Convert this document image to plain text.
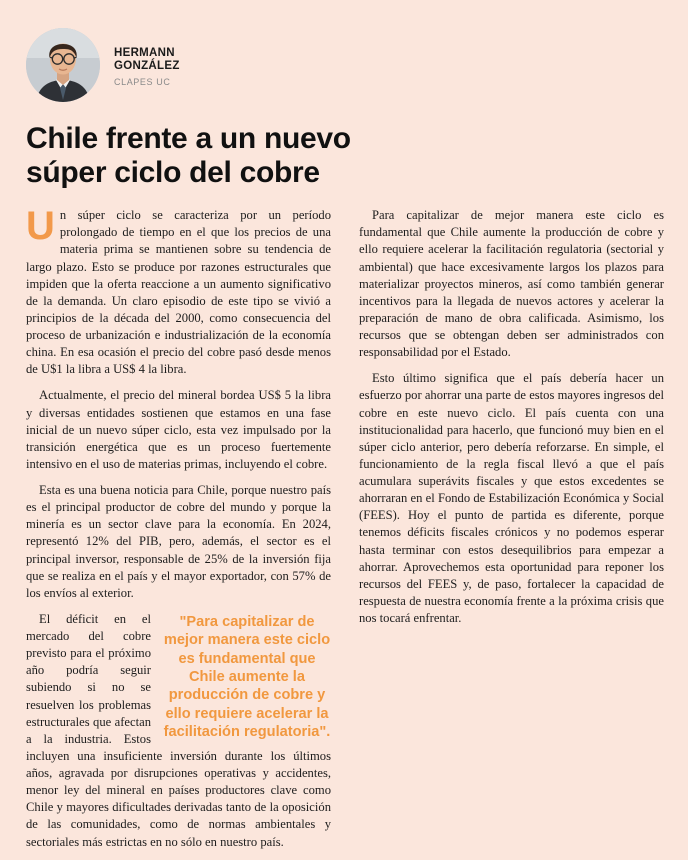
HERMANN
GONZÁLEZ
CLAPES UC
Chile frente a un nuevo
súper ciclo del cobre

Un súper ciclo se caracteriza por un período prolongado de tiempo en el que los precios de una materia prima se mantienen sobre su tendencia de largo plazo. Esto se produce por razones estructurales que impiden que la oferta reaccione a un aumento significativo de la demanda. Un claro episodio de este tipo se vivió a principios de la década del 2000, como consecuencia del proceso de urbanización e industrialización de la economía china. En esa ocasión el precio del cobre pasó desde menos de U$1 la libra a US$ 4 la libra.

Actualmente, el precio del mineral bordea US$ 5 la libra y diversas entidades sostienen que estamos en una fase inicial de un nuevo súper ciclo, esta vez impulsado por la transición energética que es un proceso fuertemente intensivo en el uso de materias primas, incluyendo el cobre.

Esta es una buena noticia para Chile, porque nuestro país es el principal productor de cobre del mundo y porque la minería es un sector clave para la economía. En 2024, representó 12% del PIB, pero, además, el sector es el principal inversor, responsable de 25% de la inversión fija que se realiza en el país y el mayor exportador, con 57% de los envíos al exterior.

"Para capitalizar de mejor manera este ciclo es fundamental que Chile aumente la producción de cobre y ello requiere acelerar la facilitación regulatoria".

El déficit en el mercado del cobre previsto para el próximo año podría seguir subiendo si no se resuelven los problemas estructurales que afectan a la industria. Estos incluyen una insuficiente inversión durante los últimos años, agravada por disrupciones operativas y accidentes, menor ley del mineral en países productores clave como Chile y mayores dificultades derivadas tanto de la oposición de las comunidades, como de normas ambientales y sectoriales más estrictas en no sólo en nuestro país.

Para capitalizar de mejor manera este ciclo es fundamental que Chile aumente la producción de cobre y ello requiere acelerar la facilitación regulatoria (sectorial y ambiental) que hace excesivamente largos los plazos para materializar proyectos mineros, así como también generar incentivos para la llegada de nuevos actores y acelerar la preparación de mano de obra calificada. Asimismo, los recursos que se obtengan deben ser administrados con responsabilidad por el Estado.

Esto último significa que el país debería hacer un esfuerzo por ahorrar una parte de estos mayores ingresos del cobre en este nuevo ciclo. El país cuenta con una institucionalidad para hacerlo, que funcionó muy bien en el súper ciclo anterior, pero debería reforzarse. En simple, el funcionamiento de la regla fiscal llevó a que el país acumulara superávits fiscales y que estos excedentes se ahorraran en el Fondo de Estabilización Económica y Social (FEES). Hoy el punto de partida es diferente, porque tenemos déficits fiscales crónicos y no podemos esperar hasta terminar con estos desequilibrios para empezar a ahorrar. Aprovechemos esta oportunidad para reponer los recursos del FEES y, de paso, fortalecer la capacidad de respuesta de nuestra economía frente a la próxima crisis que nos tocará enfrentar.
